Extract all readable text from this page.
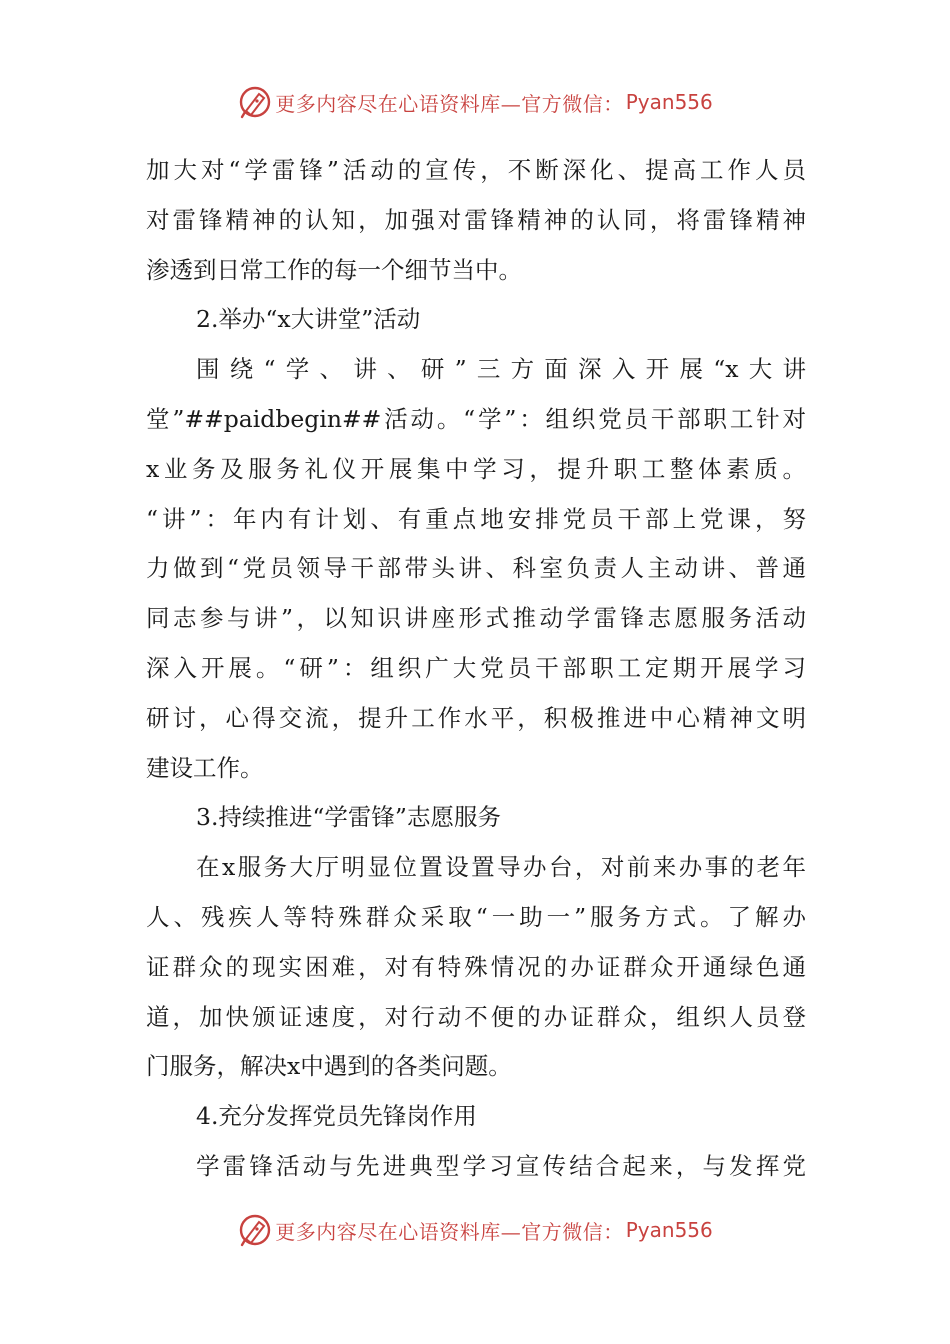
更多内容尽在心语资料库—官方微信： Pyan556
加大对“学雷锋”活动的宣传，不断深化、提高工作人员
对雷锋精神的认知，加强对雷锋精神的认同，将雷锋精神
渗透到日常工作的每一个细节当中。
2.举办“x大讲堂”活动
围绕“学、讲、研”三方面深入开展“x大讲
堂”##paidbegin##活动。“学”：组织党员干部职工针对
x业务及服务礼仪开展集中学习，提升职工整体素质。
“讲”：年内有计划、有重点地安排党员干部上党课，努
力做到“党员领导干部带头讲、科室负责人主动讲、普通
同志参与讲”，以知识讲座形式推动学雷锋志愿服务活动
深入开展。“研”：组织广大党员干部职工定期开展学习
研讨，心得交流，提升工作水平，积极推进中心精神文明
建设工作。
3.持续推进“学雷锋”志愿服务
在x服务大厅明显位置设置导办台，对前来办事的老年
人、残疾人等特殊群众采取“一助一”服务方式。了解办
证群众的现实困难，对有特殊情况的办证群众开通绿色通
道，加快颁证速度，对行动不便的办证群众，组织人员登
门服务，解决x中遇到的各类问题。
4.充分发挥党员先锋岗作用
学雷锋活动与先进典型学习宣传结合起来，与发挥党
更多内容尽在心语资料库—官方微信： Pyan556
